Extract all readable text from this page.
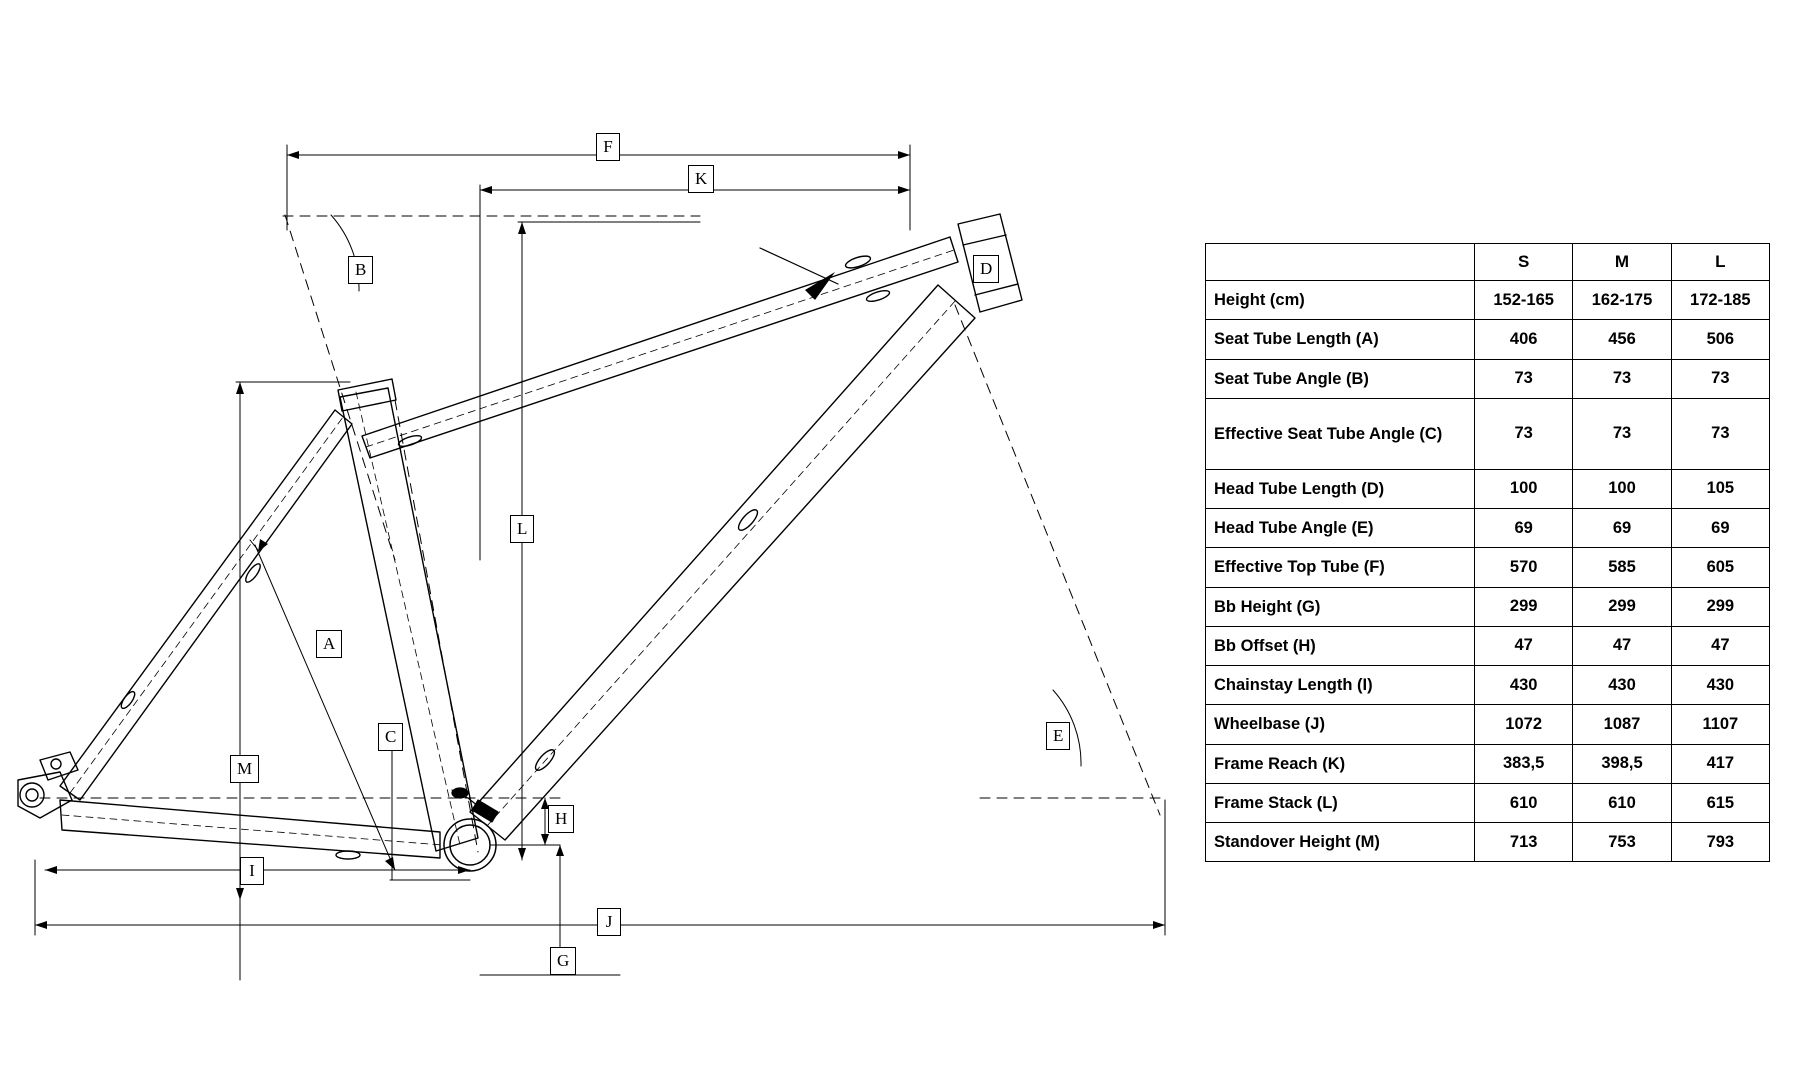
F
K
B	D
L
A
C	E
M
H
I
J
G
	S	M	L
Height (cm)	152-165	162-175	172-185
Seat Tube Length (A)	406	456	506
Seat Tube Angle (B)	73	73	73
Effective Seat Tube Angle (C)	73	73	73
Head Tube Length (D)	100	100	105
Head Tube Angle (E)	69	69	69
Effective Top Tube (F)	570	585	605
Bb Height (G)	299	299	299
Bb Offset (H)	47	47	47
Chainstay Length (I)	430	430	430
Wheelbase (J)	1072	1087	1107
Frame Reach (K)	383,5	398,5	417
Frame Stack (L)	610	610	615
Standover Height (M)	713	753	793
